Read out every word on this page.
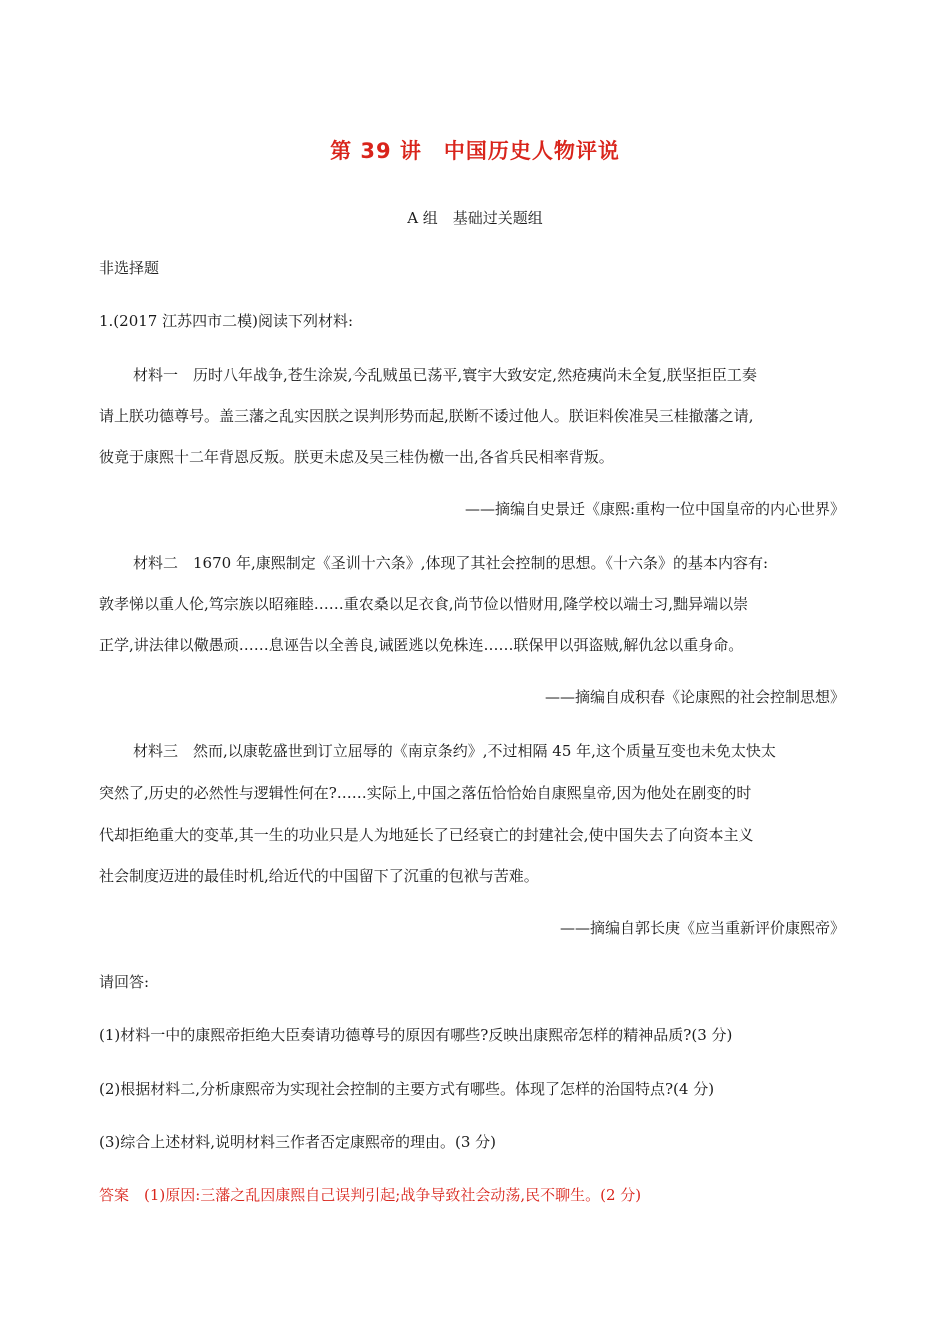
第 39 讲　中国历史人物评说
A 组　基础过关题组
非选择题
1.(2017 江苏四市二模)阅读下列材料:
材料一　历时八年战争,苍生涂炭,今乱贼虽已荡平,寰宇大致安定,然疮痍尚未全复,朕坚拒臣工奏
请上朕功德尊号。盖三藩之乱实因朕之误判形势而起,朕断不诿过他人。朕讵料俟准吴三桂撤藩之请,
彼竟于康熙十二年背恩反叛。朕更未虑及吴三桂伪檄一出,各省兵民相率背叛。
——摘编自史景迁《康熙:重构一位中国皇帝的内心世界》
材料二　1670 年,康熙制定《圣训十六条》,体现了其社会控制的思想。《十六条》的基本内容有:
敦孝悌以重人伦,笃宗族以昭雍睦……重农桑以足衣食,尚节俭以惜财用,隆学校以端士习,黜异端以崇
正学,讲法律以儆愚顽……息诬告以全善良,诫匿逃以免株连……联保甲以弭盗贼,解仇忿以重身命。
——摘编自成积春《论康熙的社会控制思想》
材料三　然而,以康乾盛世到订立屈辱的《南京条约》,不过相隔 45 年,这个质量互变也未免太快太
突然了,历史的必然性与逻辑性何在?……实际上,中国之落伍恰恰始自康熙皇帝,因为他处在剧变的时
代却拒绝重大的变革,其一生的功业只是人为地延长了已经衰亡的封建社会,使中国失去了向资本主义
社会制度迈进的最佳时机,给近代的中国留下了沉重的包袱与苦难。
——摘编自郭长庚《应当重新评价康熙帝》
请回答:
(1)材料一中的康熙帝拒绝大臣奏请功德尊号的原因有哪些?反映出康熙帝怎样的精神品质?(3 分)
(2)根据材料二,分析康熙帝为实现社会控制的主要方式有哪些。体现了怎样的治国特点?(4 分)
(3)综合上述材料,说明材料三作者否定康熙帝的理由。(3 分)
答案　(1)原因:三藩之乱因康熙自己误判引起;战争导致社会动荡,民不聊生。(2 分)
